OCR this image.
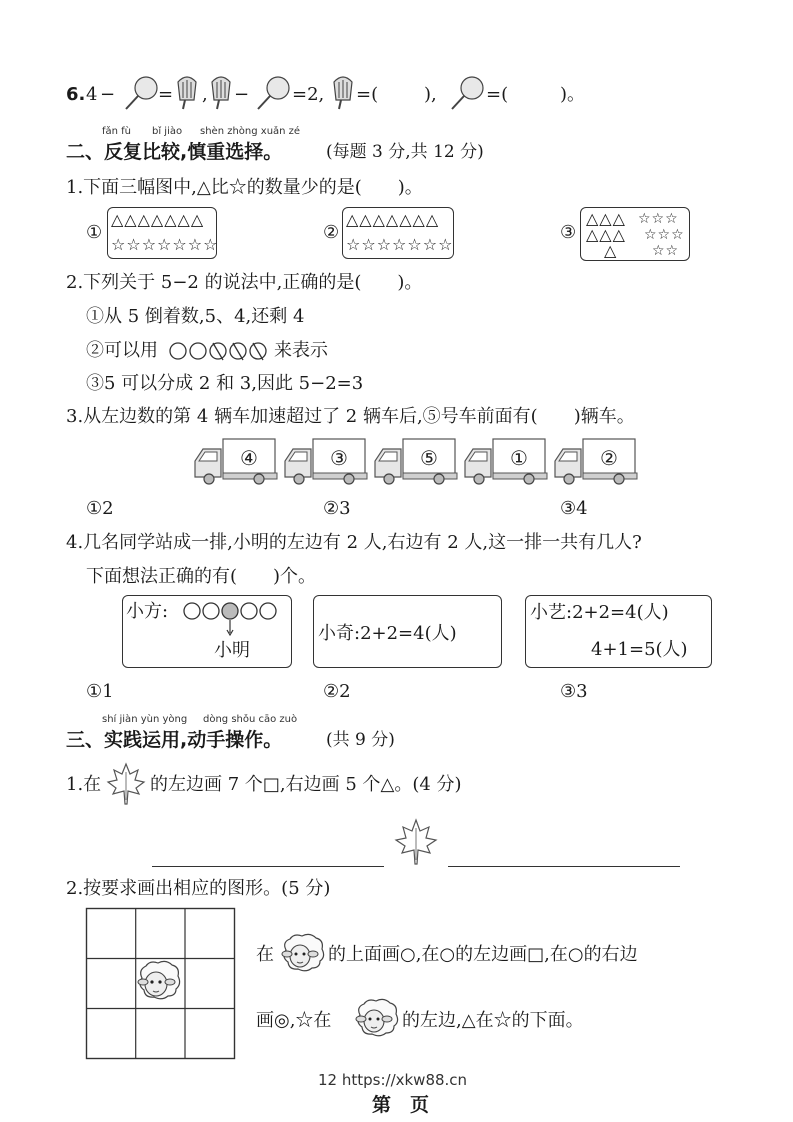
6. 4 − = , − =2, =(	),	=(	)。
fǎn fù bǐ jiào shèn zhòng xuǎn zé
二、反复比较,慎重选择。	(每题 3 分,共 12 分)
1.下面三幅图中,△比☆的数量少的是(　　)。
①
△△△△△△△
☆☆☆☆☆☆☆
②
△△△△△△△
☆☆☆☆☆☆☆
③
△△△
△△△
△
☆☆☆
☆☆☆
☆☆
2.下列关于 5−2 的说法中,正确的是(　　)。
①从 5 倒着数,5、4,还剩 4
②可以用	来表示
③5 可以分成 2 和 3,因此 5−2=3
3.从左边数的第 4 辆车加速超过了 2 辆车后,⑤号车前面有(　　)辆车。
④	③	⑤	①	②
①2	②3	③4
4.几名同学站成一排,小明的左边有 2 人,右边有 2 人,这一排一共有几人?
下面想法正确的有(　　)个。
小方:
小明
小奇:2+2=4(人)
小艺:2+2=4(人)
4+1=5(人)
①1	②2	③3
shí jiàn yùn yòng dòng shǒu cāo zuò
三、实践运用,动手操作。	(共 9 分)
1.在	的左边画 7 个□,右边画 5 个△。(4 分)
2.按要求画出相应的图形。(5 分)
在	的上面画○,在○的左边画□,在○的右边
画◎,☆在	的左边,△在☆的下面。
12 https://xkw88.cn
第　页
